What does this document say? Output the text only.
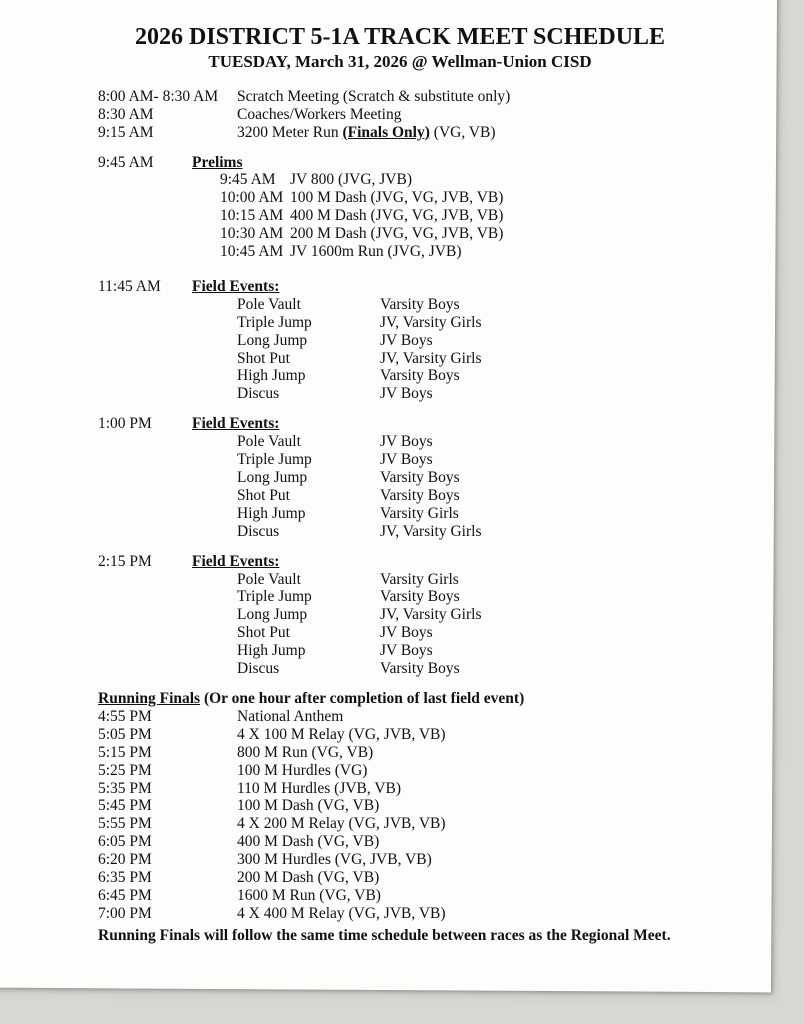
2026 DISTRICT 5-1A TRACK MEET SCHEDULE
TUESDAY, March 31, 2026 @ Wellman-Union CISD
8:00 AM- 8:30 AM	Scratch Meeting (Scratch & substitute only)
8:30 AM	Coaches/Workers Meeting
9:15 AM	3200 Meter Run (Finals Only) (VG, VB)
9:45 AM	Prelims
9:45 AM JV 800 (JVG, JVB)
10:00 AM 100 M Dash (JVG, VG, JVB, VB)
10:15 AM 400 M Dash (JVG, VG, JVB, VB)
10:30 AM 200 M Dash (JVG, VG, JVB, VB)
10:45 AM JV 1600m Run (JVG, JVB)
11:45 AM	Field Events:
Pole Vault	Varsity Boys
Triple Jump	JV, Varsity Girls
Long Jump	JV Boys
Shot Put	JV, Varsity Girls
High Jump	Varsity Boys
Discus	JV Boys
1:00 PM	Field Events:
Pole Vault	JV Boys
Triple Jump	JV Boys
Long Jump	Varsity Boys
Shot Put	Varsity Boys
High Jump	Varsity Girls
Discus	JV, Varsity Girls
2:15 PM	Field Events:
Pole Vault	Varsity Girls
Triple Jump	Varsity Boys
Long Jump	JV, Varsity Girls
Shot Put	JV Boys
High Jump	JV Boys
Discus	Varsity Boys
Running Finals (Or one hour after completion of last field event)
4:55 PM	National Anthem
5:05 PM	4 X 100 M Relay (VG, JVB, VB)
5:15 PM	800 M Run (VG, VB)
5:25 PM	100 M Hurdles (VG)
5:35 PM	110 M Hurdles (JVB, VB)
5:45 PM	100 M Dash (VG, VB)
5:55 PM	4 X 200 M Relay (VG, JVB, VB)
6:05 PM	400 M Dash (VG, VB)
6:20 PM	300 M Hurdles (VG, JVB, VB)
6:35 PM	200 M Dash (VG, VB)
6:45 PM	1600 M Run (VG, VB)
7:00 PM	4 X 400 M Relay (VG, JVB, VB)
Running Finals will follow the same time schedule between races as the Regional Meet.
